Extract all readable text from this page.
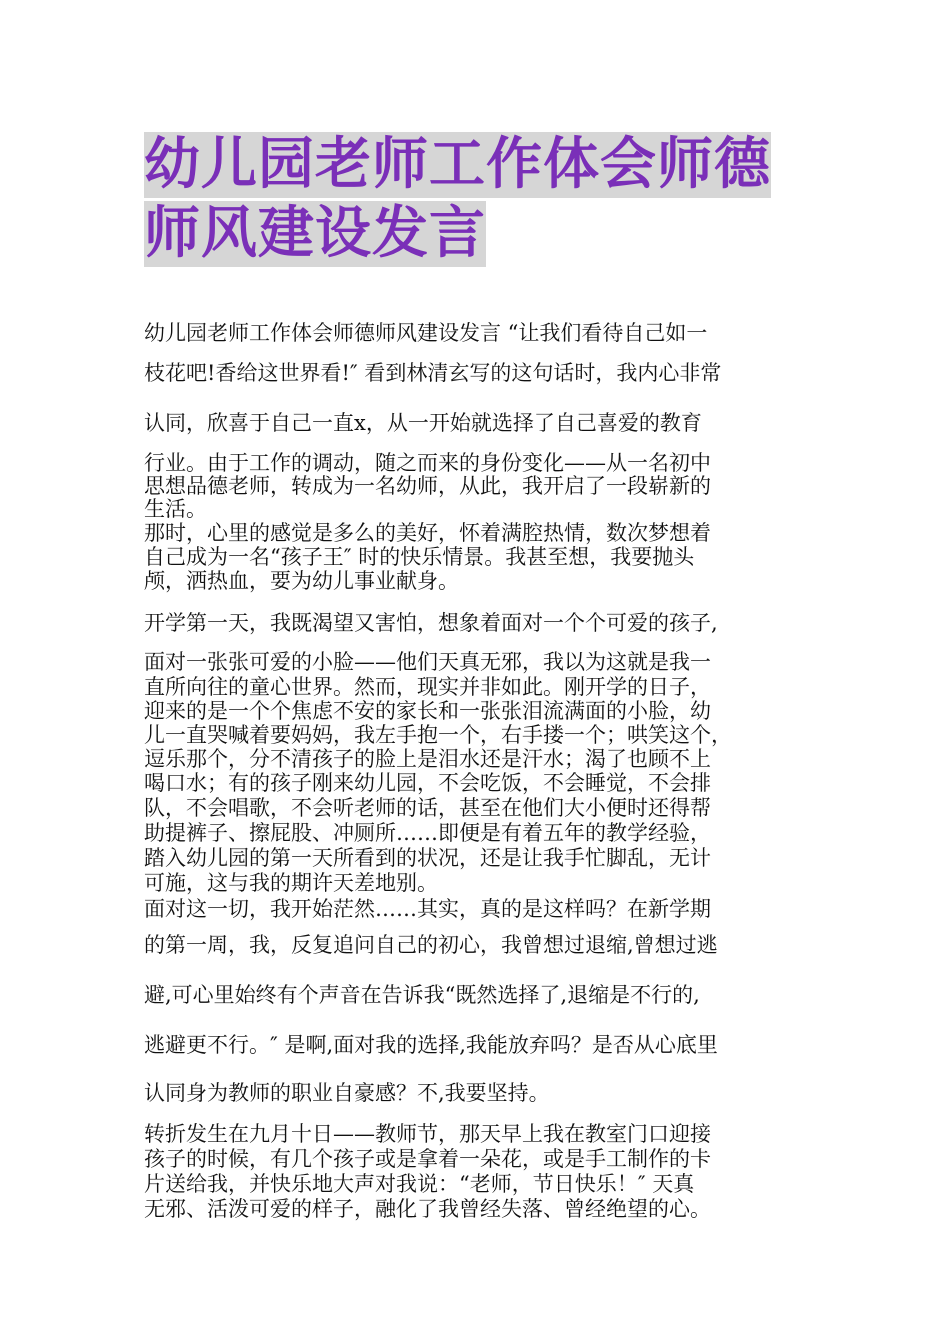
幼儿园老师工作体会师德
师风建设发言
幼儿园老师工作体会师德师风建设发言 “让我们看待自己如一
枝花吧!香给这世界看!″ 看到林清玄写的这句话时，我内心非常
认同，欣喜于自己一直ⅹ，从一开始就选择了自己喜爱的教育
行业。由于工作的调动，随之而来的身份变化——从一名初中
思想品德老师，转成为一名幼师，从此，我开启了一段崭新的
生活。
那时，心里的感觉是多么的美好，怀着满腔热情，数次梦想着
自己成为一名“孩子王″ 时的快乐情景。我甚至想，我要抛头
颅，洒热血，要为幼儿事业献身。
开学第一天，我既渴望又害怕，想象着面对一个个可爱的孩子,
面对一张张可爱的小脸——他们天真无邪，我以为这就是我一
直所向往的童心世界。然而，现实并非如此。刚开学的日子，
迎来的是一个个焦虑不安的家长和一张张泪流满面的小脸，幼
儿一直哭喊着要妈妈，我左手抱一个，右手搂一个；哄笑这个，
逗乐那个，分不清孩子的脸上是泪水还是汗水；渴了也顾不上
喝口水；有的孩子刚来幼儿园，不会吃饭，不会睡觉，不会排
队，不会唱歌，不会听老师的话，甚至在他们大小便时还得帮
助提裤子、擦屁股、冲厕所……即便是有着五年的教学经验，
踏入幼儿园的第一天所看到的状况，还是让我手忙脚乱，无计
可施，这与我的期许天差地别。
面对这一切，我开始茫然……其实，真的是这样吗？在新学期
的第一周，我，反复追问自己的初心，我曾想过退缩,曾想过逃
避,可心里始终有个声音在告诉我“既然选择了,退缩是不行的,
逃避更不行。″ 是啊,面对我的选择,我能放弃吗？是否从心底里
认同身为教师的职业自豪感？不,我要坚持。
转折发生在九月十日——教师节，那天早上我在教室门口迎接
孩子的时候，有几个孩子或是拿着一朵花，或是手工制作的卡
片送给我，并快乐地大声对我说：“老师，节日快乐！″ 天真
无邪、活泼可爱的样子，融化了我曾经失落、曾经绝望的心。
